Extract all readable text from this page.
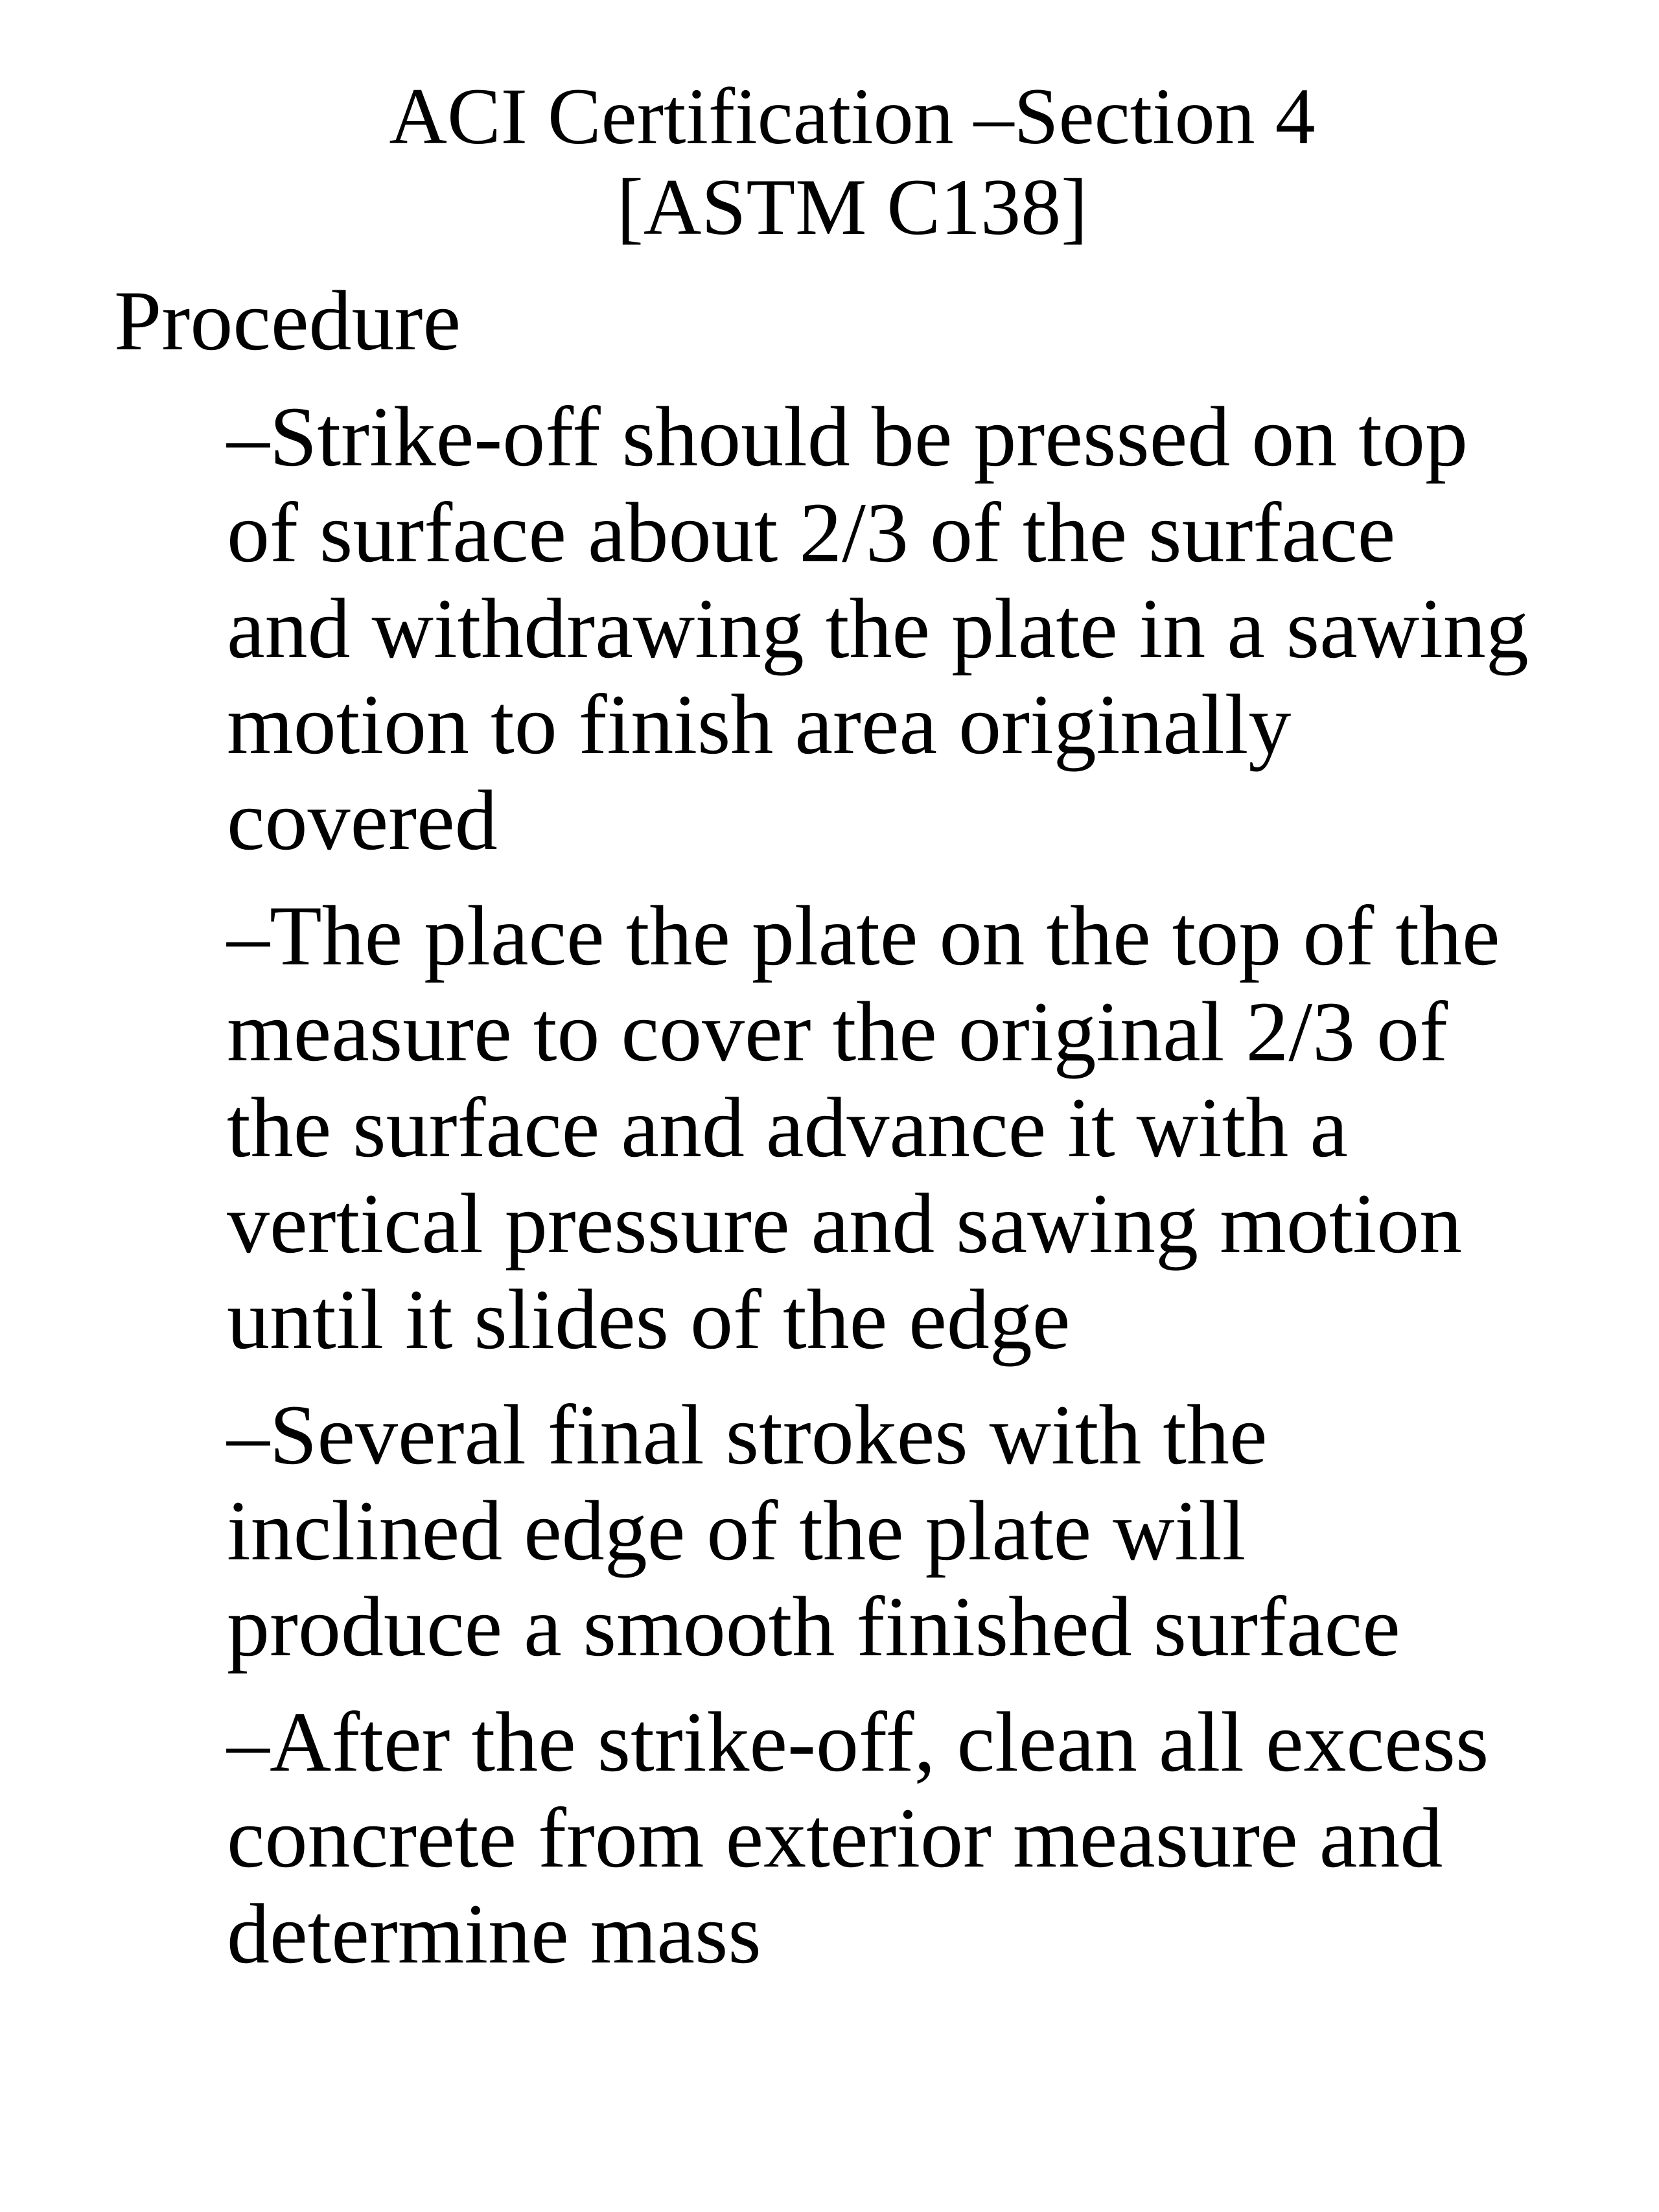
ACI Certification –Section 4
[ASTM C138]
Procedure
–Strike-off should be pressed on top
of surface about 2/3 of the surface
and withdrawing the plate in a sawing
motion to finish area originally
covered
–The place the plate on the top of the
measure to cover the original 2/3 of
the surface and advance it with a
vertical pressure and sawing motion
until it slides of the edge
–Several final strokes with the
inclined edge of the plate will
produce a smooth finished surface
–After the strike-off, clean all excess
concrete from exterior measure and
determine mass
